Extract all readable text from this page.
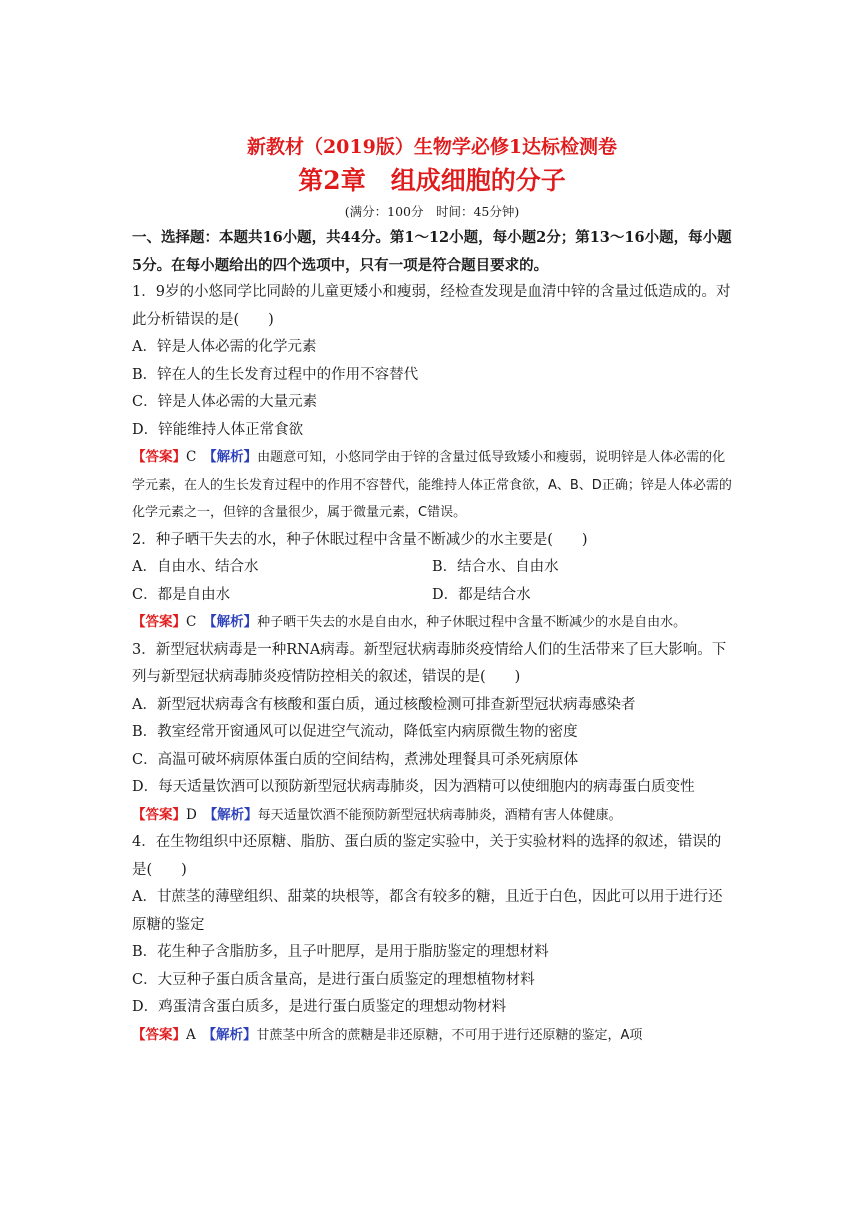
新教材（2019版）生物学必修1达标检测卷
第2章　组成细胞的分子

(满分：100分　时间：45分钟)

一、选择题：本题共16小题，共44分。第1～12小题，每小题2分；第13～16小题，每小题5分。在每小题给出的四个选项中，只有一项是符合题目要求的。

1．9岁的小悠同学比同龄的儿童更矮小和瘦弱，经检查发现是血清中锌的含量过低造成的。对此分析错误的是(　　)

A．锌是人体必需的化学元素

B．锌在人的生长发育过程中的作用不容替代

C．锌是人体必需的大量元素

D．锌能维持人体正常食欲

【答案】C　 【解析】由题意可知，小悠同学由于锌的含量过低导致矮小和瘦弱，说明锌是人体必需的化学元素，在人的生长发育过程中的作用不容替代，能维持人体正常食欲，A、B、D正确；锌是人体必需的化学元素之一，但锌的含量很少，属于微量元素，C错误。

2．种子晒干失去的水，种子休眠过程中含量不断减少的水主要是(　　)

A．自由水、结合水	B．结合水、自由水
C．都是自由水	D．都是结合水

【答案】C　 【解析】种子晒干失去的水是自由水，种子休眠过程中含量不断减少的水是自由水。

3．新型冠状病毒是一种RNA病毒。新型冠状病毒肺炎疫情给人们的生活带来了巨大影响。下列与新型冠状病毒肺炎疫情防控相关的叙述，错误的是(　　)

A．新型冠状病毒含有核酸和蛋白质，通过核酸检测可排查新型冠状病毒感染者

B．教室经常开窗通风可以促进空气流动，降低室内病原微生物的密度

C．高温可破坏病原体蛋白质的空间结构，煮沸处理餐具可杀死病原体

D．每天适量饮酒可以预防新型冠状病毒肺炎，因为酒精可以使细胞内的病毒蛋白质变性

【答案】D　 【解析】每天适量饮酒不能预防新型冠状病毒肺炎，酒精有害人体健康。

4．在生物组织中还原糖、脂肪、蛋白质的鉴定实验中，关于实验材料的选择的叙述，错误的是(　　)

A．甘蔗茎的薄壁组织、甜菜的块根等，都含有较多的糖，且近于白色，因此可以用于进行还原糖的鉴定

B．花生种子含脂肪多，且子叶肥厚，是用于脂肪鉴定的理想材料

C．大豆种子蛋白质含量高，是进行蛋白质鉴定的理想植物材料

D．鸡蛋清含蛋白质多，是进行蛋白质鉴定的理想动物材料

【答案】A　 【解析】甘蔗茎中所含的蔗糖是非还原糖，不可用于进行还原糖的鉴定，A项
